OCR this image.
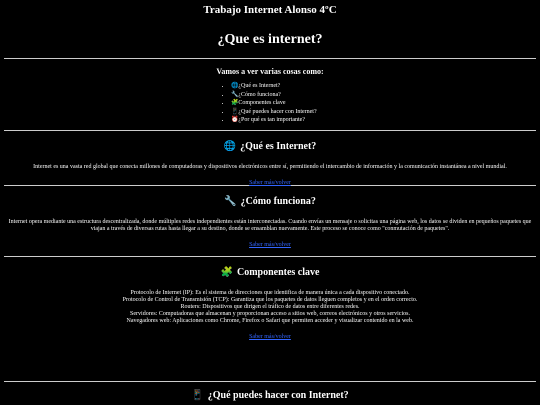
Trabajo Internet Alonso 4ºC
¿Que es internet?
Vamos a ver varias cosas como:
• 🌐¿Qué es Internet?
• 🔧¿Cómo funciona?
• 🧩Componentes clave
• 📱¿Qué puedes hacer con Internet?
• ⏰¿Por qué es tan importante?
🌐 ¿Qué es Internet?

Internet es una vasta red global que conecta millones de computadoras y dispositivos electrónicos entre sí, permitiendo el intercambio de información y la comunicación instantánea a nivel mundial.

Saber más/volver
🔧 ¿Cómo funciona?

Internet opera mediante una estructura descentralizada, donde múltiples redes independientes están interconectadas. Cuando envías un mensaje o solicitas una página web, los datos se dividen en pequeños paquetes que viajan a través de diversas rutas hasta llegar a su destino, donde se ensamblan nuevamente. Este proceso se conoce como "conmutación de paquetes".

Saber más/volver
🧩 Componentes clave

Protocolo de Internet (IP): Es el sistema de direcciones que identifica de manera única a cada dispositivo conectado.

Protocolo de Control de Transmisión (TCP): Garantiza que los paquetes de datos lleguen completos y en el orden correcto.

Routers: Dispositivos que dirigen el tráfico de datos entre diferentes redes.

Servidores: Computadoras que almacenan y proporcionan acceso a sitios web, correos electrónicos y otros servicios.

Navegadores web: Aplicaciones como Chrome, Firefox o Safari que permiten acceder y visualizar contenido en la web.

Saber más/volver
📱 ¿Qué puedes hacer con Internet?
